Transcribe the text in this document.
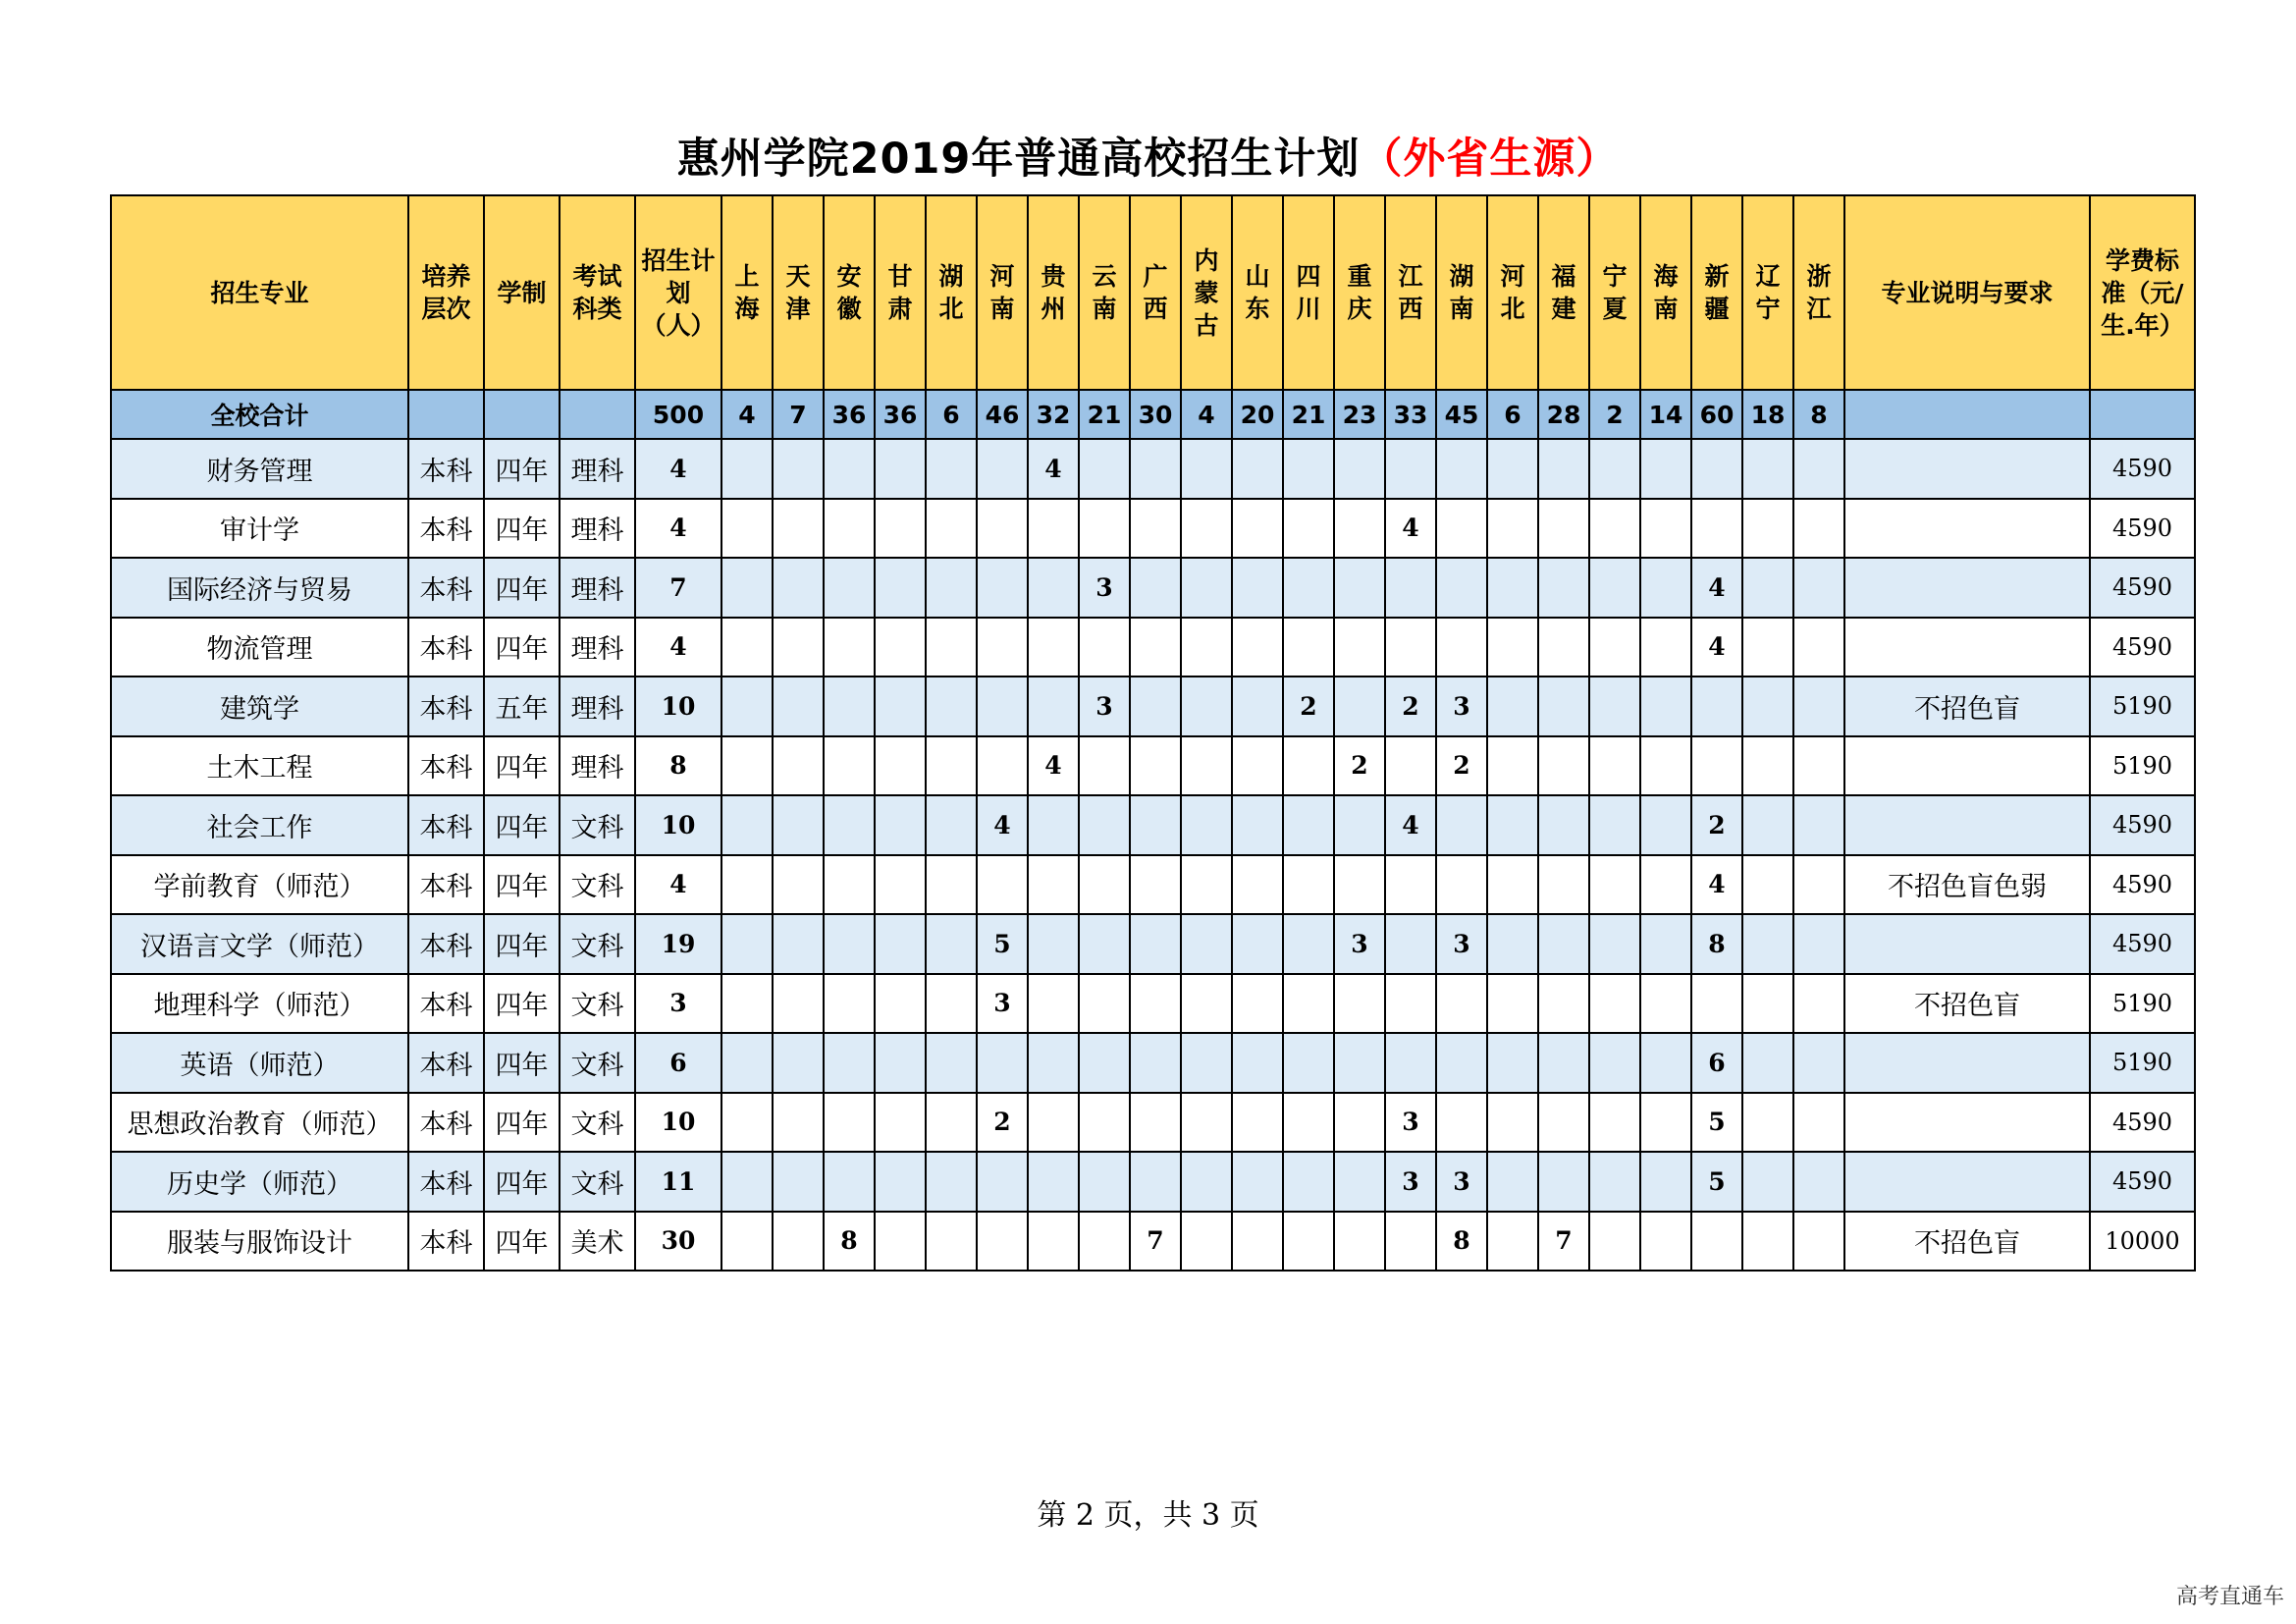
惠州学院2019年普通高校招生计划（外省生源）
招生专业	培养层次	学制	考试科类	招生计划（人）	上海	天津	安徽	甘肃	湖北	河南	贵州	云南	广西	内蒙古	山东	四川	重庆	江西	湖南	河北	福建	宁夏	海南	新疆	辽宁	浙江	专业说明与要求	学费标准（元/生.年）
全校合计				500	4	7	36	36	6	46	32	21	30	4	20	21	23	33	45	6	28	2	14	60	18	8		
财务管理	本科	四年	理科	4							4																	4590
审计学	本科	四年	理科	4														4										4590
国际经济与贸易	本科	四年	理科	7								3												4				4590
物流管理	本科	四年	理科	4																				4				4590
建筑学	本科	五年	理科	10								3				2		2	3								不招色盲	5190
土木工程	本科	四年	理科	8							4						2		2									5190
社会工作	本科	四年	文科	10						4								4						2				4590
学前教育（师范）	本科	四年	文科	4																				4			不招色盲色弱	4590
汉语言文学（师范）	本科	四年	文科	19						5							3		3					8				4590
地理科学（师范）	本科	四年	文科	3						3																	不招色盲	5190
英语（师范）	本科	四年	文科	6																				6				5190
思想政治教育（师范）	本科	四年	文科	10						2								3						5				4590
历史学（师范）	本科	四年	文科	11														3	3					5				4590
服装与服饰设计	本科	四年	美术	30			8						7						8		7						不招色盲	10000
第 2 页，共 3 页
高考直通车
